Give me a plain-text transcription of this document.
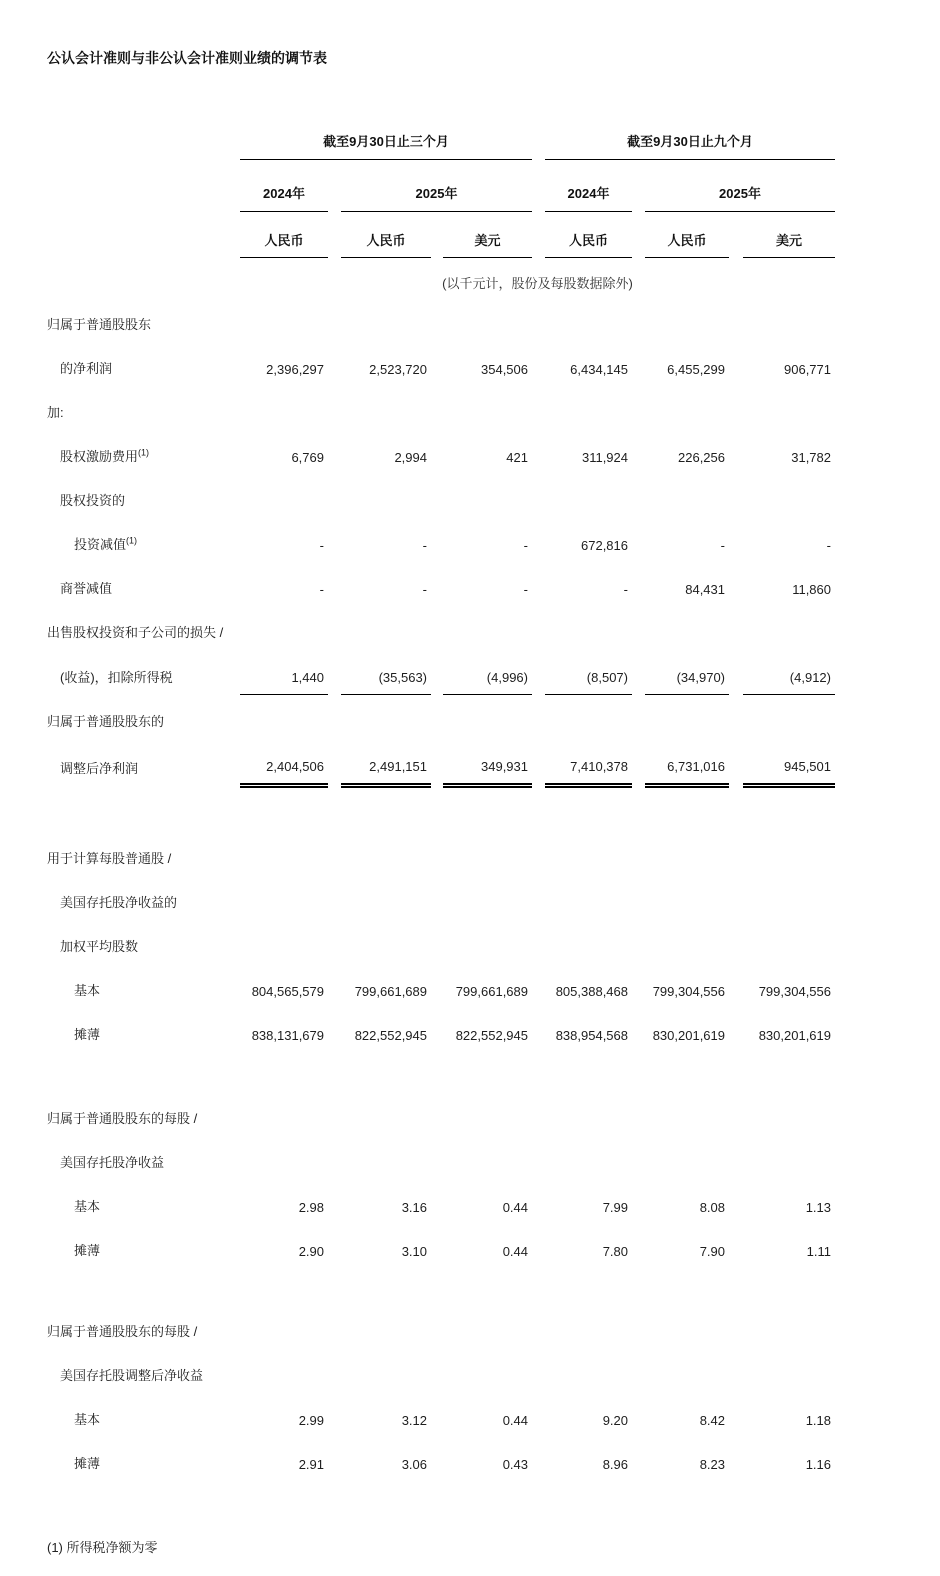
公认会计准则与非公认会计准则业绩的调节表
	截至9月30日止三个月						截至9月30日止九个月				
	2024年		2025年				2024年		2025年		
	人民币		人民币		美元		人民币		人民币		美元
	(以千元计，股份及每股数据除外)										
归属于普通股股东											
的净利润	2,396,297		2,523,720		354,506		6,434,145		6,455,299		906,771
加:											
股权激励费用$^{(1)}$	6,769		2,994		421		311,924		226,256		31,782
股权投资的											
投资减值$^{(1)}$	-		-		-		672,816		-		-
商誉减值	-		-		-		-		84,431		11,860
出售股权投资和子公司的损失 /											
(收益)，扣除所得税	1,440		(35,563)		(4,996)		(8,507)		(34,970)		(4,912)
归属于普通股股东的											
调整后净利润	2,404,506		2,491,151		349,931		7,410,378		6,731,016		945,501

用于计算每股普通股 /											
美国存托股净收益的											
加权平均股数											
基本	804,565,579		799,661,689		799,661,689		805,388,468		799,304,556		799,304,556
摊薄	838,131,679		822,552,945		822,552,945		838,954,568		830,201,619		830,201,619

归属于普通股股东的每股 /											
美国存托股净收益											
基本	2.98		3.16		0.44		7.99		8.08		1.13
摊薄	2.90		3.10		0.44		7.80		7.90		1.11

归属于普通股股东的每股 /											
美国存托股调整后净收益											
基本	2.99		3.12		0.44		9.20		8.42		1.18
摊薄	2.91		3.06		0.43		8.96		8.23		1.16
(1) 所得税净额为零
